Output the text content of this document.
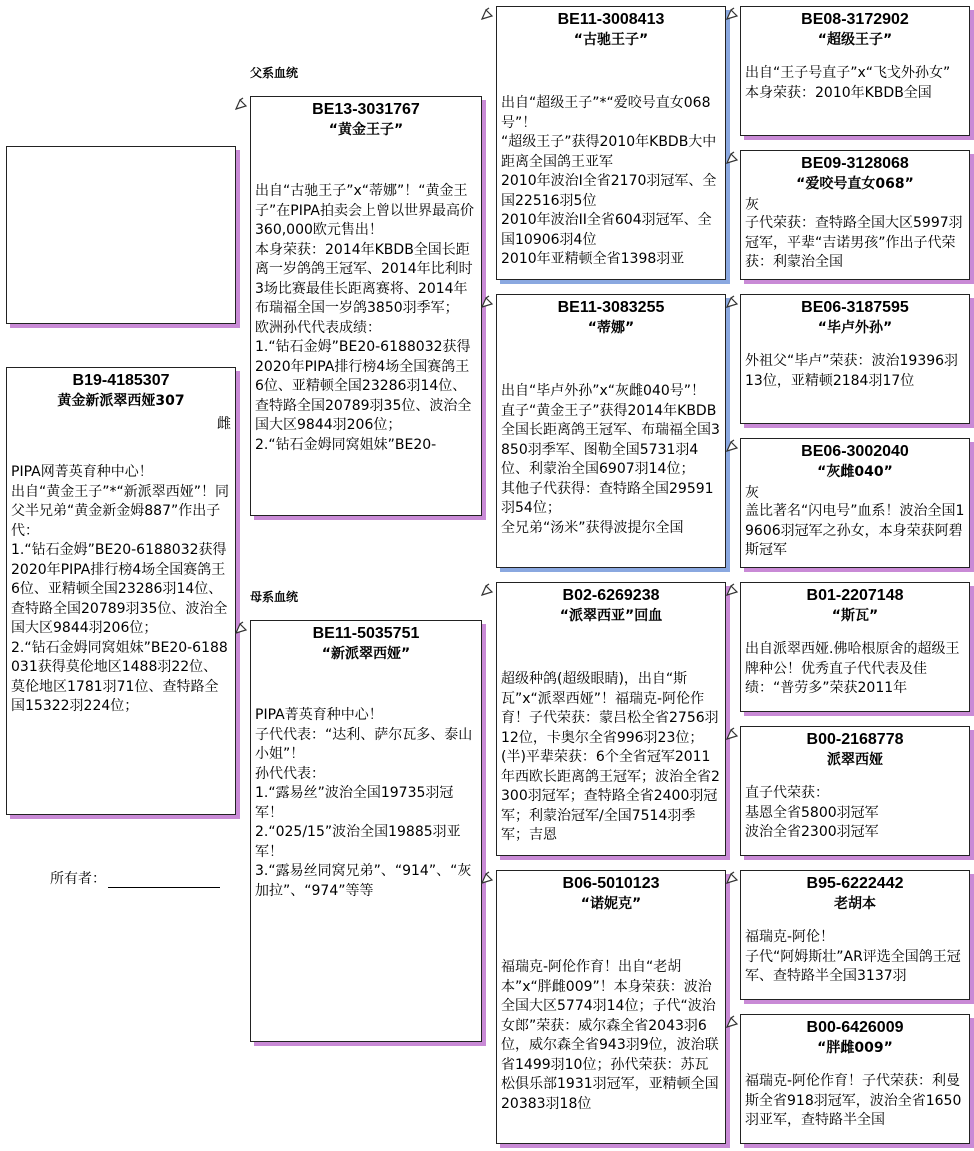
父系血统
母系血统
所有者：
B19-4185307
黄金新派翠西娅307
雌
PIPA网菁英育种中心！
出自“黄金王子”*“新派翠西娅”！同父半兄弟“黄金新金姆887”作出子代：
1.“钻石金姆”BE20-6188032获得2020年PIPA排行榜4场全国赛鸽王6位、亚精顿全国23286羽14位、查特路全国20789羽35位、波治全国大区9844羽206位；
2.“钻石金姆同窝姐妹”BE20-6188031获得莫伦地区1488羽22位、莫伦地区1781羽71位、查特路全国15322羽224位；
BE13-3031767
“黄金王子”
出自“古驰王子”x“蒂娜”！“黄金王子”在PIPA拍卖会上曾以世界最高价360,000欧元售出！
本身荣获：2014年KBDB全国长距离一岁鸽鸽王冠军、2014年比利时3场比赛最佳长距离赛将、2014年布瑞福全国一岁鸽3850羽季军；
欧洲孙代代表成绩：
1.“钻石金姆”BE20-6188032获得2020年PIPA排行榜4场全国赛鸽王6位、亚精顿全国23286羽14位、查特路全国20789羽35位、波治全国大区9844羽206位；
2.“钻石金姆同窝姐妹”BE20-
BE11-5035751
“新派翠西娅”
PIPA菁英育种中心！
子代代表：“达利、萨尔瓦多、泰山小姐”！
孙代代表：
1.“露易丝”波治全国19735羽冠军！
2.“025/15”波治全国19885羽亚军！
3.“露易丝同窝兄弟”、“914”、“灰加拉”、“974”等等
BE11-3008413
“古驰王子”
出自“超级王子”*“爱咬号直女068号”！
“超级王子”获得2010年KBDB大中距离全国鸽王亚军
2010年波治I全省2170羽冠军、全国22516羽5位
2010年波治II全省604羽冠军、全国10906羽4位
2010年亚精顿全省1398羽亚
BE11-3083255
“蒂娜”
出自“毕卢外孙”x“灰雌040号”！
直子“黄金王子”获得2014年KBDB全国长距离鸽王冠军、布瑞福全国3850羽季军、图勒全国5731羽4位、利蒙治全国6907羽14位；
其他子代获得：查特路全国29591羽54位；
全兄弟“汤米”获得波提尔全国
B02-6269238
“派翠西亚”回血
超级种鸽(超级眼睛)，出自“斯瓦”x“派翠西娅”！福瑞克-阿伦作育！子代荣获：蒙吕松全省2756羽12位，卡奥尔全省996羽23位；(半)平辈荣获：6个全省冠军2011年西欧长距离鸽王冠军；波治全省2300羽冠军；查特路全省2400羽冠军；利蒙治冠军/全国7514羽季军；吉恩
B06-5010123
“诺妮克”
福瑞克-阿伦作育！出自“老胡本”x“胖雌009”！本身荣获：波治全国大区5774羽14位；子代“波治女郎”荣获：威尔森全省2043羽6位，威尔森全省943羽9位，波治联省1499羽10位；孙代荣获：苏瓦松俱乐部1931羽冠军，亚精顿全国20383羽18位
BE08-3172902
“超级王子”
出自“王子号直子”x“飞戈外孙女”
本身荣获：2010年KBDB全国
BE09-3128068
“爱咬号直女068”
灰
子代荣获：查特路全国大区5997羽冠军，平辈“吉诺男孩”作出子代荣获：利蒙治全国
BE06-3187595
“毕卢外孙”
外祖父“毕卢”荣获：波治19396羽13位，亚精顿2184羽17位
BE06-3002040
“灰雌040”
灰
盖比著名“闪电号”血系！波治全国19606羽冠军之孙女，本身荣获阿碧斯冠军
B01-2207148
“斯瓦”
出自派翠西娅.佛哈根原舍的超级王牌种公！优秀直子代代表及佳绩：“普劳多”荣获2011年
B00-2168778
派翠西娅
直子代荣获：
基恩全省5800羽冠军
波治全省2300羽冠军
B95-6222442
老胡本
福瑞克-阿伦！
子代“阿姆斯壮”AR评选全国鸽王冠军、查特路半全国3137羽
B00-6426009
“胖雌009”
福瑞克-阿伦作育！子代荣获：利曼斯全省918羽冠军，波治全省1650羽亚军，查特路半全国
